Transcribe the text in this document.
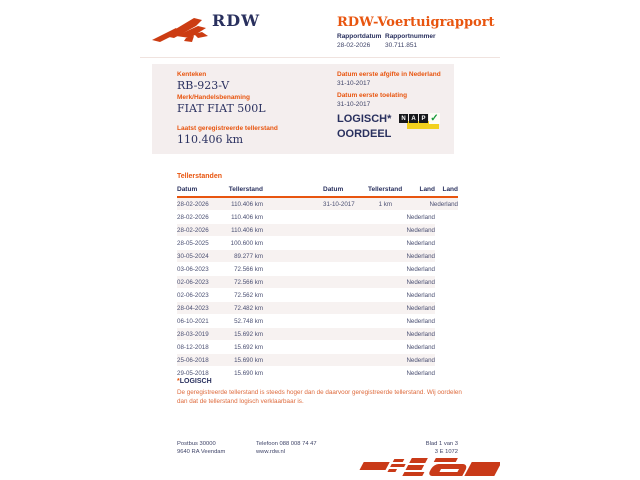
RDW	RDW-Voertuigrapport
Rapportdatum
28-02-2026
Rapportnummer
30.711.851
Kenteken
RB-923-V
Merk/Handelsbenaming
FIAT FIAT 500L
Laatst geregistreerde tellerstand
110.406 km
Datum eerste afgifte in Nederland
31-10-2017
Datum eerste toelating
31-10-2017
LOGISCH*
OORDEEL
N A P ✓
Tellerstanden
Datum	Tellerstand	Land
28-02-2026	110.406 km
28-02-2026	110.406 km	Nederland
28-02-2026	110.406 km	Nederland
28-05-2025	100.600 km	Nederland
30-05-2024	89.277 km	Nederland
03-06-2023	72.566 km	Nederland
02-06-2023	72.566 km	Nederland
02-06-2023	72.562 km	Nederland
28-04-2023	72.482 km	Nederland
06-10-2021	52.748 km	Nederland
28-03-2019	15.692 km	Nederland
08-12-2018	15.692 km	Nederland
25-06-2018	15.690 km	Nederland
29-05-2018	15.690 km	Nederland
Datum	Tellerstand	Land
31-10-2017	1 km	Nederland
*LOGISCH
De geregistreerde tellerstand is steeds hoger dan de daarvoor geregistreerde tellerstand. Wij oordelen dan dat de tellerstand logisch verklaarbaar is.
Postbus 30000
9640 RA Veendam
Telefoon 088 008 74 47
www.rdw.nl
Blad 1 van 3
3 E 1072
